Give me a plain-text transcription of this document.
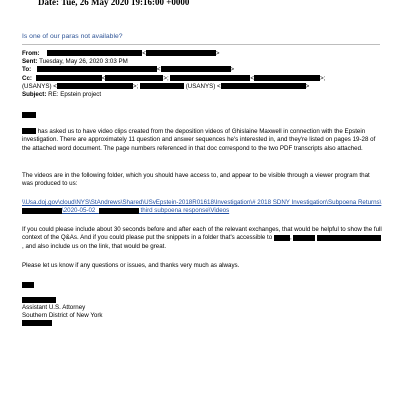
Date: Tue, 26 May 2020 19:16:00 +0000
Is one of our paras not available?
From:	<	>
Sent: Tuesday, May 26, 2020 3:03 PM
To:	<	>
Cc:	<	>;	<	>;
(USANYS) <	>;	(USANYS) <	>
Subject: RE: Epstein project
has asked us to have video clips created from the deposition videos of Ghislaine Maxwell in connection with the Epstein investigation. There are approximately 11 question and answer sequences he's interested in, and they're listed on pages 19-28 of the attached word document. The page numbers referenced in that doc correspond to the two PDF transcripts also attached.
The videos are in the following folder, which you should have access to, and appear to be visible through a viewer program that was produced to us:
\\Usa.doj.gov\cloud\NYS\StAndrews\Shared\USvEpstein-2018R01618\Investigation\# 2018 SDNY Investigation\Subpoena Returns\\2020-05-02_	third subpoena response\Videos
If you could please include about 30 seconds before and after each of the relevant exchanges, that would be helpful to show the full context of the Q&As. And if you could please put the snippets in a folder that's accessible to	,  , and also include us on the link, that would be great.
Please let us know if any questions or issues, and thanks very much as always.
Assistant U.S. Attorney
Southern District of New York
